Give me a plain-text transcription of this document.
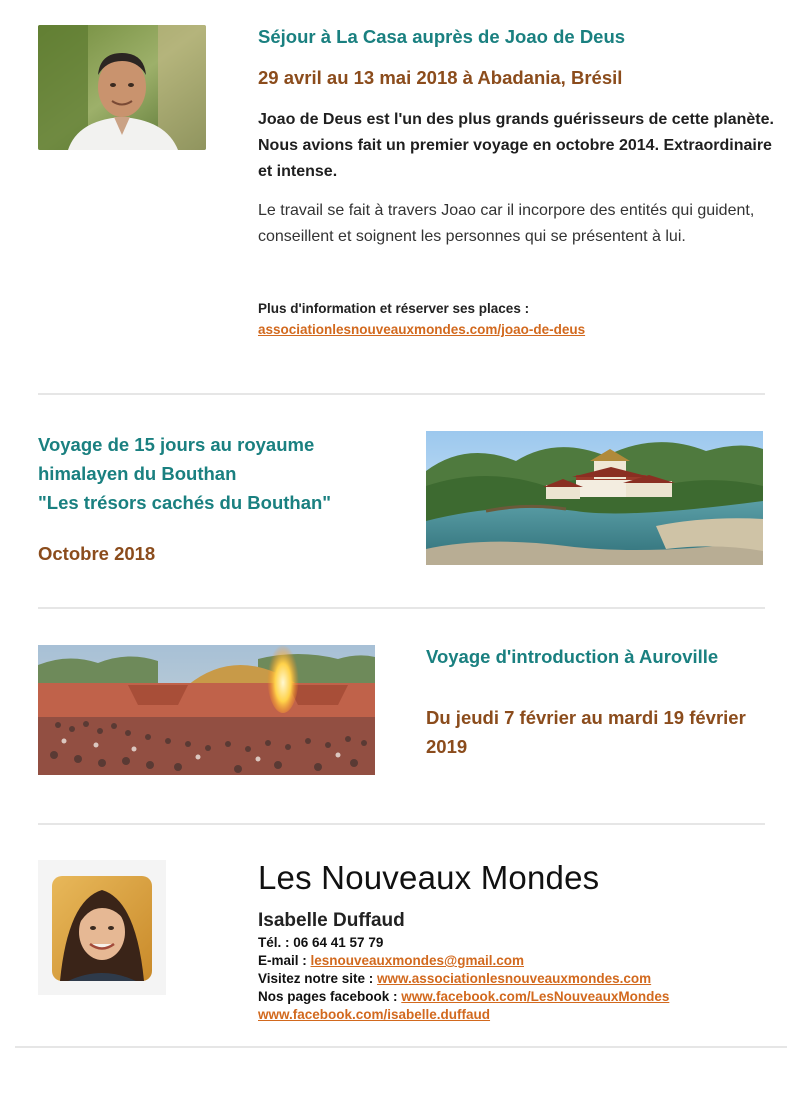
Séjour à La Casa auprès de Joao de Deus
29 avril au 13 mai 2018 à Abadania, Brésil
Joao de Deus est l'un des plus grands guérisseurs de cette planète. Nous avions fait un premier voyage en octobre 2014. Extraordinaire et intense.
Le travail se fait à travers Joao car il incorpore des entités qui guident, conseillent et soignent les personnes qui se présentent à lui.
Plus d'information et réserver ses places :
associationlesnouveauxmondes.com/joao-de-deus
Voyage de 15 jours au royaume
himalayen du Bouthan
"Les trésors cachés du Bouthan"
Octobre 2018
Voyage d'introduction à Auroville
Du jeudi 7 février au mardi 19 février 2019
Les Nouveaux Mondes
Isabelle Duffaud
Tél. : 06 64 41 57 79
E-mail : lesnouveauxmondes@gmail.com
Visitez notre site : www.associationlesnouveauxmondes.com
Nos pages facebook : www.facebook.com/LesNouveauxMondes
www.facebook.com/isabelle.duffaud
